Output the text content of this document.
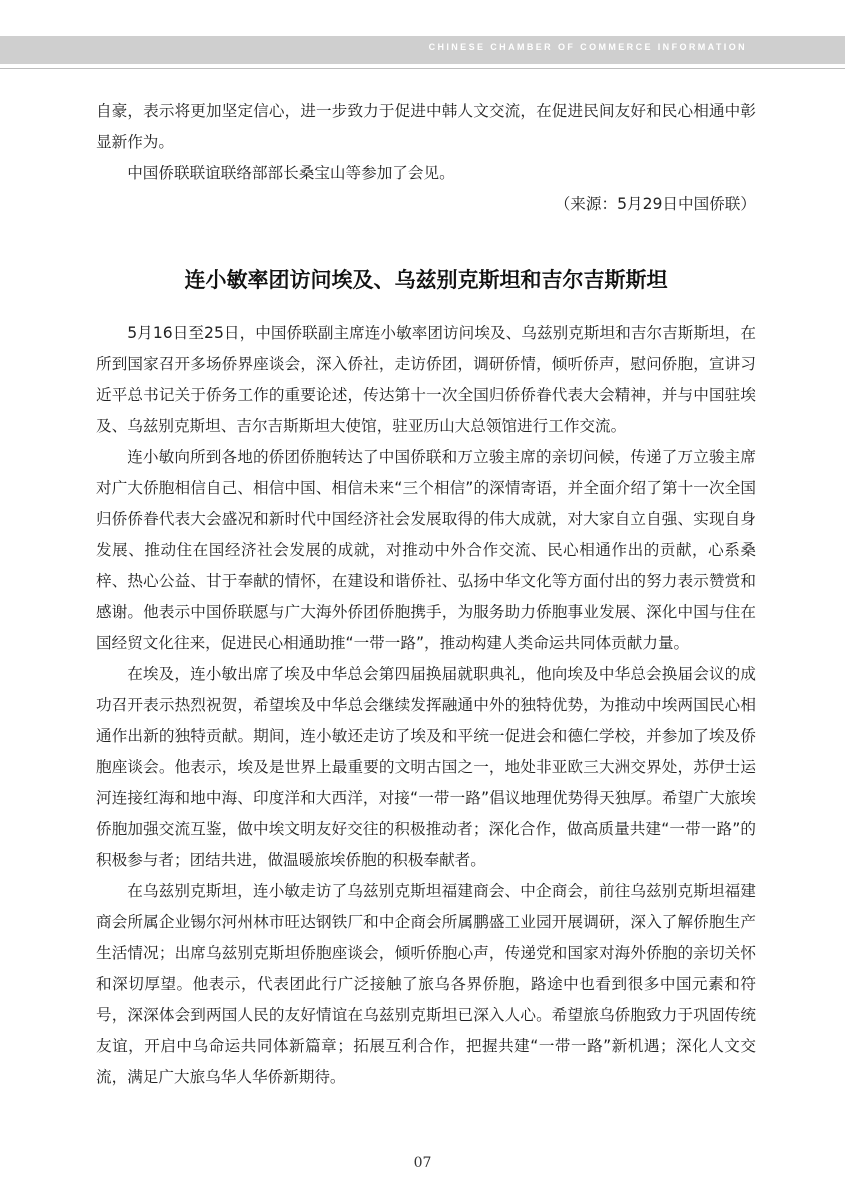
CHINESE CHAMBER OF COMMERCE INFORMATION

自豪，表示将更加坚定信心，进一步致力于促进中韩人文交流，在促进民间友好和民心相通中彰显新作为。

中国侨联联谊联络部部长桑宝山等参加了会见。

（来源：5月29日中国侨联）

连小敏率团访问埃及、乌兹别克斯坦和吉尔吉斯斯坦

5月16日至25日，中国侨联副主席连小敏率团访问埃及、乌兹别克斯坦和吉尔吉斯斯坦，在所到国家召开多场侨界座谈会，深入侨社，走访侨团，调研侨情，倾听侨声，慰问侨胞，宣讲习近平总书记关于侨务工作的重要论述，传达第十一次全国归侨侨眷代表大会精神，并与中国驻埃及、乌兹别克斯坦、吉尔吉斯斯坦大使馆，驻亚历山大总领馆进行工作交流。

连小敏向所到各地的侨团侨胞转达了中国侨联和万立骏主席的亲切问候，传递了万立骏主席对广大侨胞相信自己、相信中国、相信未来“三个相信”的深情寄语，并全面介绍了第十一次全国归侨侨眷代表大会盛况和新时代中国经济社会发展取得的伟大成就，对大家自立自强、实现自身发展、推动住在国经济社会发展的成就，对推动中外合作交流、民心相通作出的贡献，心系桑梓、热心公益、甘于奉献的情怀，在建设和谐侨社、弘扬中华文化等方面付出的努力表示赞赏和感谢。他表示中国侨联愿与广大海外侨团侨胞携手，为服务助力侨胞事业发展、深化中国与住在国经贸文化往来，促进民心相通助推“一带一路”，推动构建人类命运共同体贡献力量。

在埃及，连小敏出席了埃及中华总会第四届换届就职典礼，他向埃及中华总会换届会议的成功召开表示热烈祝贺，希望埃及中华总会继续发挥融通中外的独特优势，为推动中埃两国民心相通作出新的独特贡献。期间，连小敏还走访了埃及和平统一促进会和德仁学校，并参加了埃及侨胞座谈会。他表示，埃及是世界上最重要的文明古国之一，地处非亚欧三大洲交界处，苏伊士运河连接红海和地中海、印度洋和大西洋，对接“一带一路”倡议地理优势得天独厚。希望广大旅埃侨胞加强交流互鉴，做中埃文明友好交往的积极推动者；深化合作，做高质量共建“一带一路”的积极参与者；团结共进，做温暖旅埃侨胞的积极奉献者。

在乌兹别克斯坦，连小敏走访了乌兹别克斯坦福建商会、中企商会，前往乌兹别克斯坦福建商会所属企业锡尔河州林市旺达钢铁厂和中企商会所属鹏盛工业园开展调研，深入了解侨胞生产生活情况；出席乌兹别克斯坦侨胞座谈会，倾听侨胞心声，传递党和国家对海外侨胞的亲切关怀和深切厚望。他表示，代表团此行广泛接触了旅乌各界侨胞，路途中也看到很多中国元素和符号，深深体会到两国人民的友好情谊在乌兹别克斯坦已深入人心。希望旅乌侨胞致力于巩固传统友谊，开启中乌命运共同体新篇章；拓展互利合作，把握共建“一带一路”新机遇；深化人文交流，满足广大旅乌华人华侨新期待。

07
